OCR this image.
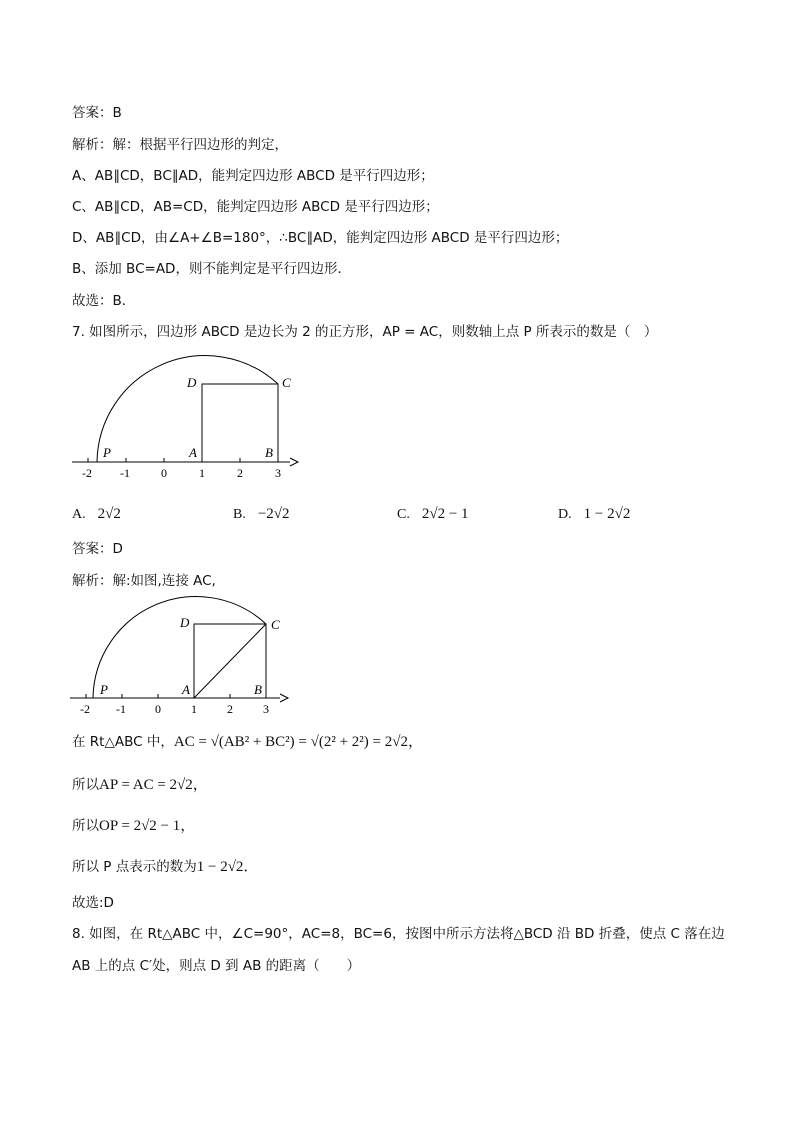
答案：B
解析：解：根据平行四边形的判定，
A、AB∥CD，BC∥AD，能判定四边形 ABCD 是平行四边形；
C、AB∥CD，AB=CD，能判定四边形 ABCD 是平行四边形；
D、AB∥CD，由∠A+∠B=180°，∴BC∥AD，能判定四边形 ABCD 是平行四边形；
B、添加 BC=AD，则不能判定是平行四边形．
故选：B．
7. 如图所示，四边形 ABCD 是边长为 2 的正方形，AP = AC，则数轴上点 P 所表示的数是（　）
-2 -1	0	1	2	3
D	C
P	A	B
A. 2√2	B. −2√2	C. 2√2 − 1	D. 1 − 2√2
答案：D
解析：解:如图,连接 AC,
-2 -1 0	1	2	3
D	C
P	A	B
在 Rt△ABC 中，AC = √(AB² + BC²) = √(2² + 2²) = 2√2，
所以AP = AC = 2√2，
所以OP = 2√2 − 1，
所以 P 点表示的数为1 − 2√2．
故选:D
8. 如图，在 Rt△ABC 中，∠C=90°，AC=8，BC=6，按图中所示方法将△BCD 沿 BD 折叠，使点 C 落在边
AB 上的点 C′处，则点 D 到 AB 的距离（　　）
